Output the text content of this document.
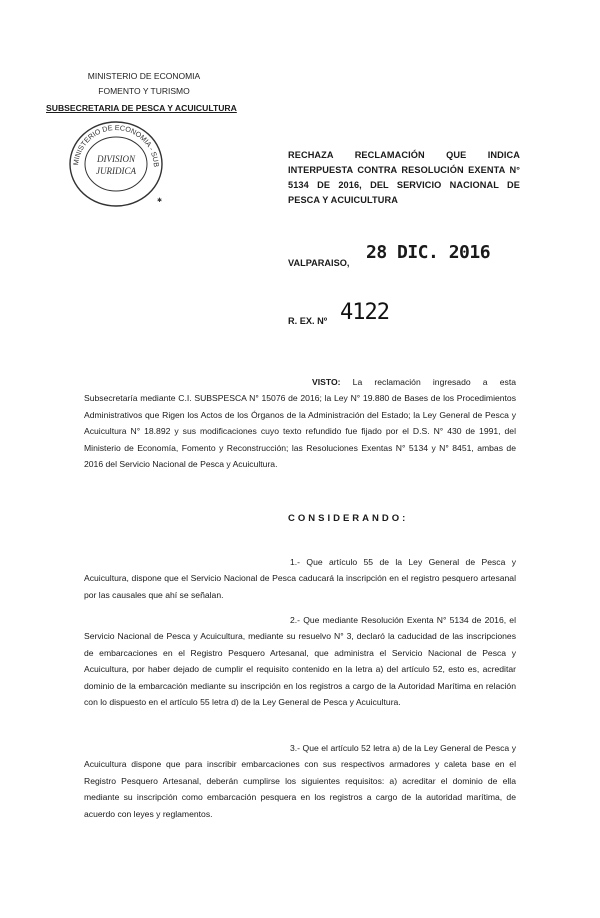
MINISTERIO DE ECONOMIA
FOMENTO Y TURISMO
SUBSECRETARIA DE PESCA Y ACUICULTURA
MINISTERIO DE ECONOMIA - SUB
DIVISION
JURIDICA
✱
RECHAZA RECLAMACIÓN QUE INDICA INTERPUESTA CONTRA RESOLUCIÓN EXENTA N° 5134 DE 2016, DEL SERVICIO NACIONAL DE PESCA Y ACUICULTURA
VALPARAISO, 28 DIC. 2016
R. EX. Nº 4122
VISTO: La reclamación ingresado a esta Subsecretaría mediante C.I. SUBSPESCA N° 15076 de 2016; la Ley N° 19.880 de Bases de los Procedimientos Administrativos que Rigen los Actos de los Órganos de la Administración del Estado; la Ley General de Pesca y Acuicultura N° 18.892 y sus modificaciones cuyo texto refundido fue fijado por el D.S. N° 430 de 1991, del Ministerio de Economía, Fomento y Reconstrucción; las Resoluciones Exentas N° 5134 y N° 8451, ambas de 2016 del Servicio Nacional de Pesca y Acuicultura.
CONSIDERANDO:
1.- Que artículo 55 de la Ley General de Pesca y Acuicultura, dispone que el Servicio Nacional de Pesca caducará la inscripción en el registro pesquero artesanal por las causales que ahí se señalan.
2.- Que mediante Resolución Exenta N° 5134 de 2016, el Servicio Nacional de Pesca y Acuicultura, mediante su resuelvo N° 3, declaró la caducidad de las inscripciones de embarcaciones en el Registro Pesquero Artesanal, que administra el Servicio Nacional de Pesca y Acuicultura, por haber dejado de cumplir el requisito contenido en la letra a) del artículo 52, esto es, acreditar dominio de la embarcación mediante su inscripción en los registros a cargo de la Autoridad Marítima en relación con lo dispuesto en el artículo 55 letra d) de la Ley General de Pesca y Acuicultura.
3.- Que el artículo 52 letra a) de la Ley General de Pesca y Acuicultura dispone que para inscribir embarcaciones con sus respectivos armadores y caleta base en el Registro Pesquero Artesanal, deberán cumplirse los siguientes requisitos: a) acreditar el dominio de ella mediante su inscripción como embarcación pesquera en los registros a cargo de la autoridad marítima, de acuerdo con leyes y reglamentos.
